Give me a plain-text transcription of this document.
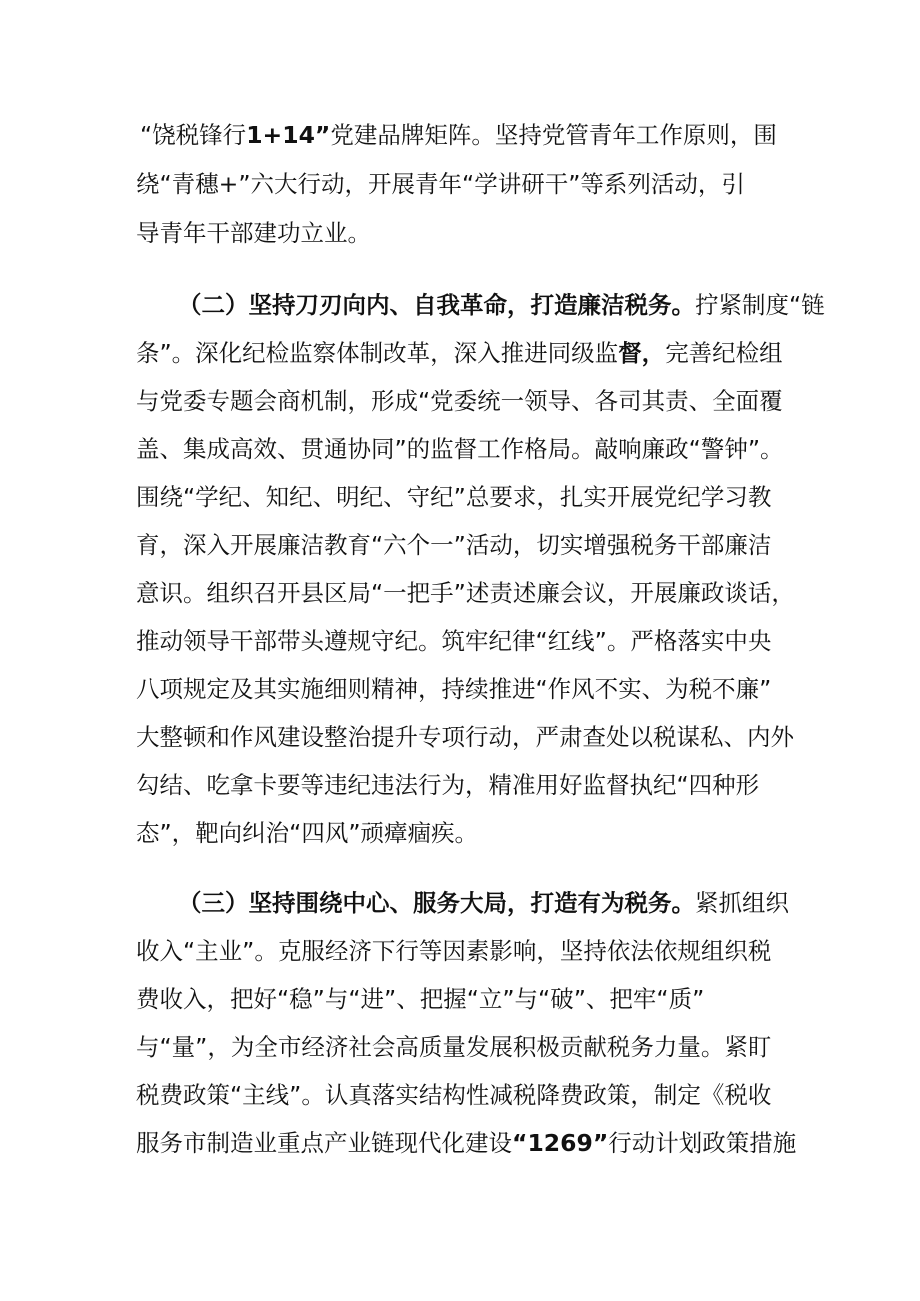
“饶税锋行1+14”党建品牌矩阵。坚持党管青年工作原则，围
绕“青穗+”六大行动，开展青年“学讲研干”等系列活动，引
导青年干部建功立业。
（二）坚持刀刃向内、自我革命，打造廉洁税务。拧紧制度“链
条”。深化纪检监察体制改革，深入推进同级监督，完善纪检组
与党委专题会商机制，形成“党委统一领导、各司其责、全面覆
盖、集成高效、贯通协同”的监督工作格局。敲响廉政“警钟”。
围绕“学纪、知纪、明纪、守纪”总要求，扎实开展党纪学习教
育，深入开展廉洁教育“六个一”活动，切实增强税务干部廉洁
意识。组织召开县区局“一把手”述责述廉会议，开展廉政谈话，
推动领导干部带头遵规守纪。筑牢纪律“红线”。严格落实中央
八项规定及其实施细则精神，持续推进“作风不实、为税不廉”
大整顿和作风建设整治提升专项行动，严肃查处以税谋私、内外
勾结、吃拿卡要等违纪违法行为，精准用好监督执纪“四种形
态”，靶向纠治“四风”顽瘴痼疾。
（三）坚持围绕中心、服务大局，打造有为税务。紧抓组织
收入“主业”。克服经济下行等因素影响，坚持依法依规组织税
费收入，把好“稳”与“进”、把握“立”与“破”、把牢“质”
与“量”，为全市经济社会高质量发展积极贡献税务力量。紧盯
税费政策“主线”。认真落实结构性减税降费政策，制定《税收
服务市制造业重点产业链现代化建设“1269”行动计划政策措施
